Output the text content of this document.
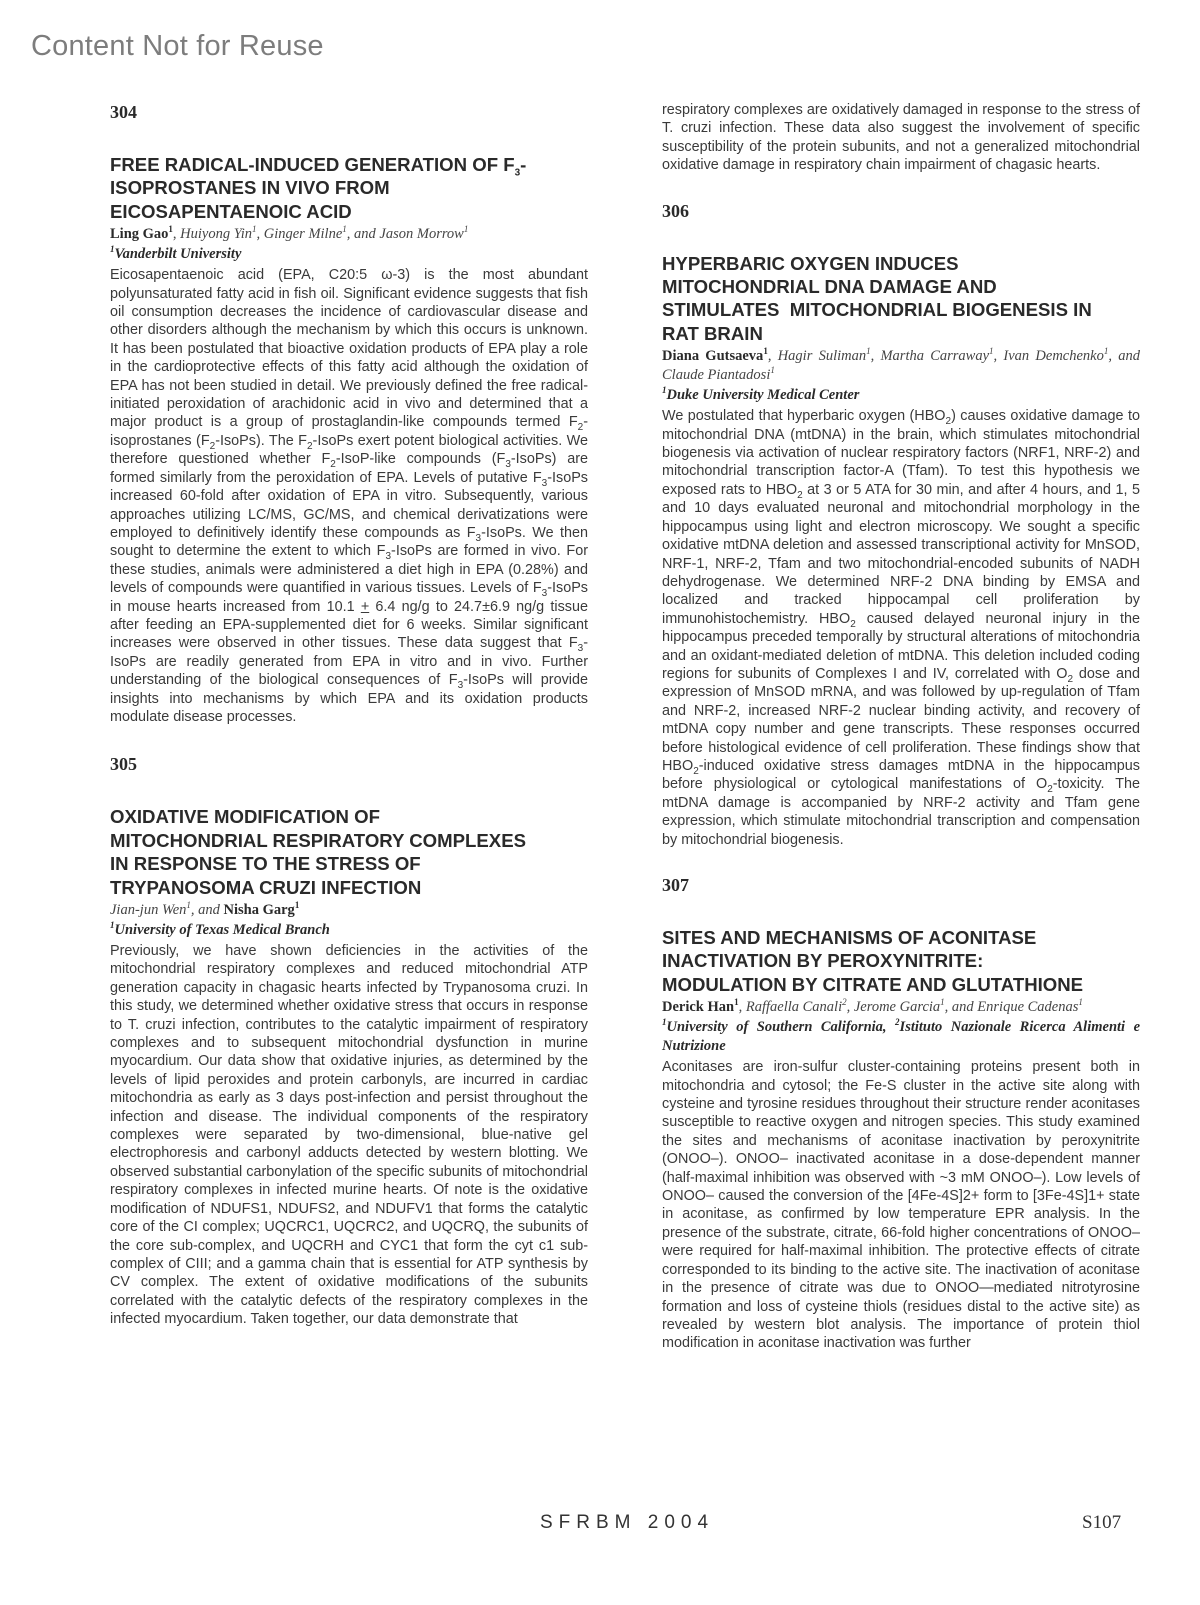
Content Not for Reuse
304
FREE RADICAL-INDUCED GENERATION OF $F_3-$
ISOPROSTANES IN VIVO FROM
EICOSAPENTAENOIC ACID
Ling Gao$^1$, Huiyong Yin$^1$, Ginger Milne$^1$, and Jason Morrow$^1$
$^1$Vanderbilt University

Eicosapentaenoic acid (EPA, C20:5 ω-3) is the most abundant polyunsaturated fatty acid in fish oil. Significant evidence suggests that fish oil consumption decreases the incidence of cardiovascular disease and other disorders although the mechanism by which this occurs is unknown. It has been postulated that bioactive oxidation products of EPA play a role in the cardioprotective effects of this fatty acid although the oxidation of EPA has not been studied in detail. We previously defined the free radical-initiated peroxidation of arachidonic acid in vivo and determined that a major product is a group of prostaglandin-like compounds termed $F_2$-isoprostanes $(F_2-IsoPs)$. The $F_2$-IsoPs exert potent biological activities. We therefore questioned whether $F_2-IsoP$-like compounds $(F_3-IsoPs)$ are formed similarly from the peroxidation of EPA. Levels of putative $F_3$-IsoPs increased 60-fold after oxidation of EPA in vitro. Subsequently, various approaches utilizing LC/MS, GC/MS, and chemical derivatizations were employed to definitively identify these compounds as $F_3$-IsoPs. We then sought to determine the extent to which $F_3$-IsoPs are formed in vivo. For these studies, animals were administered a diet high in EPA (0.28%) and levels of compounds were quantified in various tissues. Levels of $F_3$-IsoPs in mouse hearts increased from 10.1 + 6.4 ng/g to 24.7±6.9 ng/g tissue after feeding an EPA-supplemented diet for 6 weeks. Similar significant increases were observed in other tissues. These data suggest that $F_3$-IsoPs are readily generated from EPA in vitro and in vivo. Further understanding of the biological consequences of $F_3$-IsoPs will provide insights into mechanisms by which EPA and its oxidation products modulate disease processes.

305
OXIDATIVE MODIFICATION OF
MITOCHONDRIAL RESPIRATORY COMPLEXES
IN RESPONSE TO THE STRESS OF
TRYPANOSOMA CRUZI INFECTION
Jian-jun Wen$^1$, and Nisha Garg$^1$
$^1$University of Texas Medical Branch

Previously, we have shown deficiencies in the activities of the mitochondrial respiratory complexes and reduced mitochondrial ATP generation capacity in chagasic hearts infected by Trypanosoma cruzi. In this study, we determined whether oxidative stress that occurs in response to T. cruzi infection, contributes to the catalytic impairment of respiratory complexes and to subsequent mitochondrial dysfunction in murine myocardium. Our data show that oxidative injuries, as determined by the levels of lipid peroxides and protein carbonyls, are incurred in cardiac mitochondria as early as 3 days post-infection and persist throughout the infection and disease. The individual components of the respiratory complexes were separated by two-dimensional, blue-native gel electrophoresis and carbonyl adducts detected by western blotting. We observed substantial carbonylation of the specific subunits of mitochondrial respiratory complexes in infected murine hearts. Of note is the oxidative modification of NDUFS1, NDUFS2, and NDUFV1 that forms the catalytic core of the CI complex; UQCRC1, UQCRC2, and UQCRQ, the subunits of the core sub-complex, and UQCRH and CYC1 that form the cyt c1 sub-complex of CIII; and a gamma chain that is essential for ATP synthesis by CV complex. The extent of oxidative modifications of the subunits correlated with the catalytic defects of the respiratory complexes in the infected myocardium. Taken together, our data demonstrate that

respiratory complexes are oxidatively damaged in response to the stress of T. cruzi infection. These data also suggest the involvement of specific susceptibility of the protein subunits, and not a generalized mitochondrial oxidative damage in respiratory chain impairment of chagasic hearts.

306
HYPERBARIC OXYGEN INDUCES
MITOCHONDRIAL DNA DAMAGE AND
STIMULATES  MITOCHONDRIAL BIOGENESIS IN
RAT BRAIN
Diana Gutsaeva$^1$, Hagir Suliman$^1$, Martha Carraway$^1$, Ivan Demchenko$^1$, and Claude Piantadosi$^1$
$^1$Duke University Medical Center

We postulated that hyperbaric oxygen $(HBO_2)$ causes oxidative damage to mitochondrial DNA (mtDNA) in the brain, which stimulates mitochondrial biogenesis via activation of nuclear respiratory factors (NRF1, NRF-2) and mitochondrial transcription factor-A (Tfam). To test this hypothesis we exposed rats to $HBO_2$ at 3 or 5 ATA for 30 min, and after 4 hours, and 1, 5 and 10 days evaluated neuronal and mitochondrial morphology in the hippocampus using light and electron microscopy. We sought a specific oxidative mtDNA deletion and assessed transcriptional activity for MnSOD, NRF-1, NRF-2, Tfam and two mitochondrial-encoded subunits of NADH dehydrogenase. We determined NRF-2 DNA binding by EMSA and localized and tracked hippocampal cell proliferation by immunohistochemistry. $HBO_2$ caused delayed neuronal injury in the hippocampus preceded temporally by structural alterations of mitochondria and an oxidant-mediated deletion of mtDNA. This deletion included coding regions for subunits of Complexes I and IV, correlated with $O_2$ dose and expression of MnSOD mRNA, and was followed by up-regulation of Tfam and NRF-2, increased NRF-2 nuclear binding activity, and recovery of mtDNA copy number and gene transcripts. These responses occurred before histological evidence of cell proliferation. These findings show that $HBO_2$-induced oxidative stress damages mtDNA in the hippocampus before physiological or cytological manifestations of $O_2$-toxicity. The mtDNA damage is accompanied by NRF-2 activity and Tfam gene expression, which stimulate mitochondrial transcription and compensation by mitochondrial biogenesis.

307
SITES AND MECHANISMS OF ACONITASE
INACTIVATION BY PEROXYNITRITE:
MODULATION BY CITRATE AND GLUTATHIONE
Derick Han$^1$, Raffaella Canali$^2$, Jerome Garcia$^1$, and Enrique Cadenas$^1$
$^1$University of Southern California, $^2$Istituto Nazionale Ricerca Alimenti e Nutrizione

Aconitases are iron-sulfur cluster-containing proteins present both in mitochondria and cytosol; the Fe-S cluster in the active site along with cysteine and tyrosine residues throughout their structure render aconitases susceptible to reactive oxygen and nitrogen species. This study examined the sites and mechanisms of aconitase inactivation by peroxynitrite (ONOO–). ONOO– inactivated aconitase in a dose-dependent manner (half-maximal inhibition was observed with ~3 mM ONOO–). Low levels of ONOO– caused the conversion of the [4Fe-4S]2+ form to [3Fe-4S]1+ state in aconitase, as confirmed by low temperature EPR analysis. In the presence of the substrate, citrate, 66-fold higher concentrations of ONOO– were required for half-maximal inhibition. The protective effects of citrate corresponded to its binding to the active site. The inactivation of aconitase in the presence of citrate was due to ONOO—mediated nitrotyrosine formation and loss of cysteine thiols (residues distal to the active site) as revealed by western blot analysis. The importance of protein thiol modification in aconitase inactivation was further

SFRBM 2004	S107
